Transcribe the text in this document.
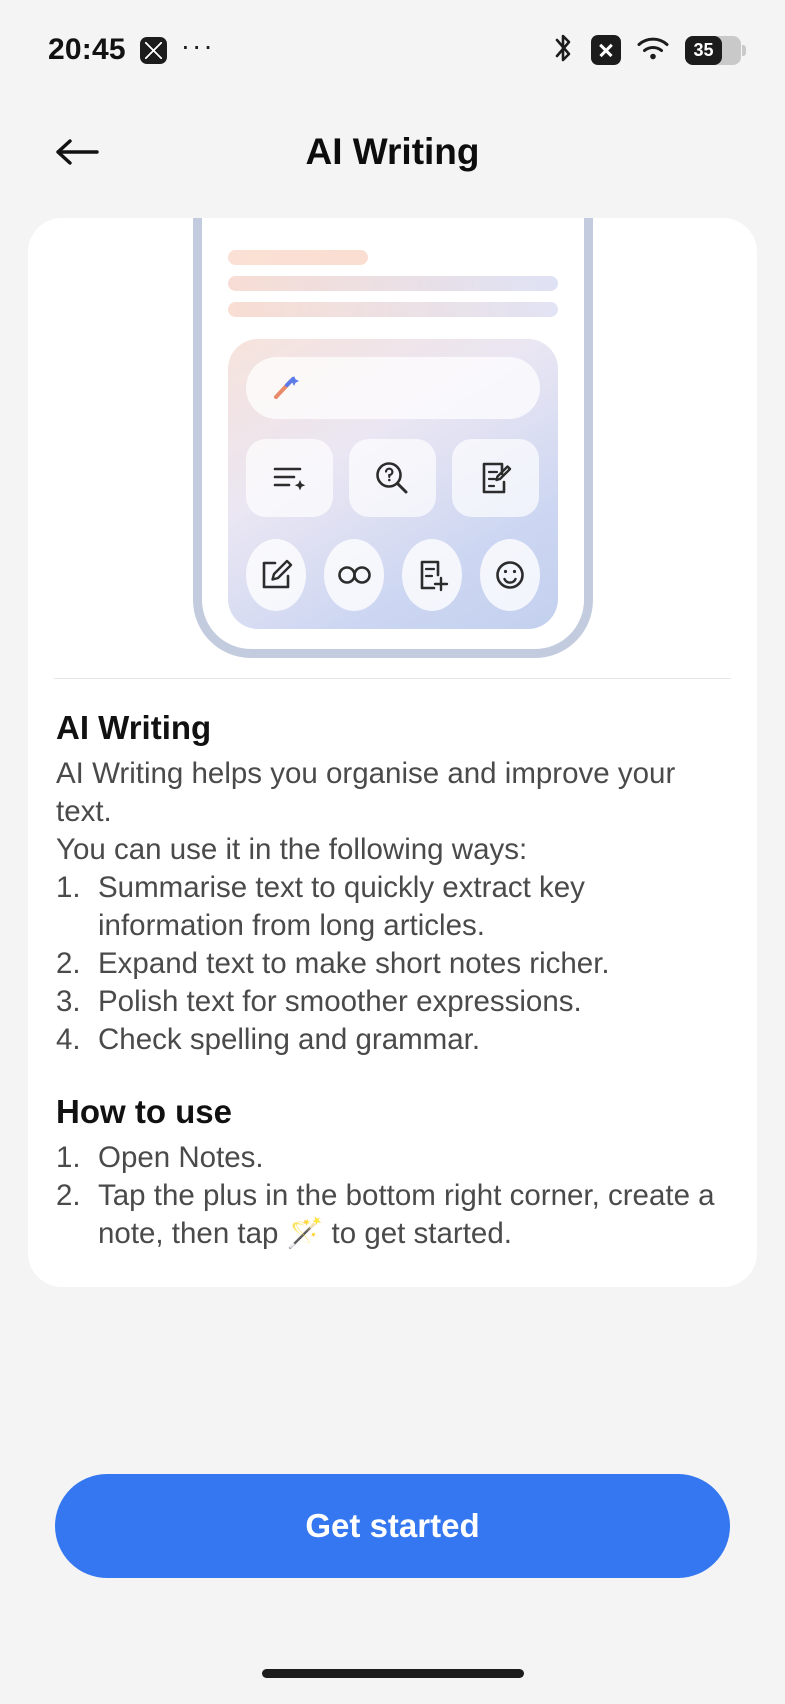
20:45 ···	35
AI Writing
AI Writing
AI Writing helps you organise and improve your text.
You can use it in the following ways:
1. Summarise text to quickly extract key information from long articles.
2. Expand text to make short notes richer.
3. Polish text for smoother expressions.
4. Check spelling and grammar.
How to use
1. Open Notes.
2. Tap the plus in the bottom right corner, create a note, then tap 🪄 to get started.
Get started
